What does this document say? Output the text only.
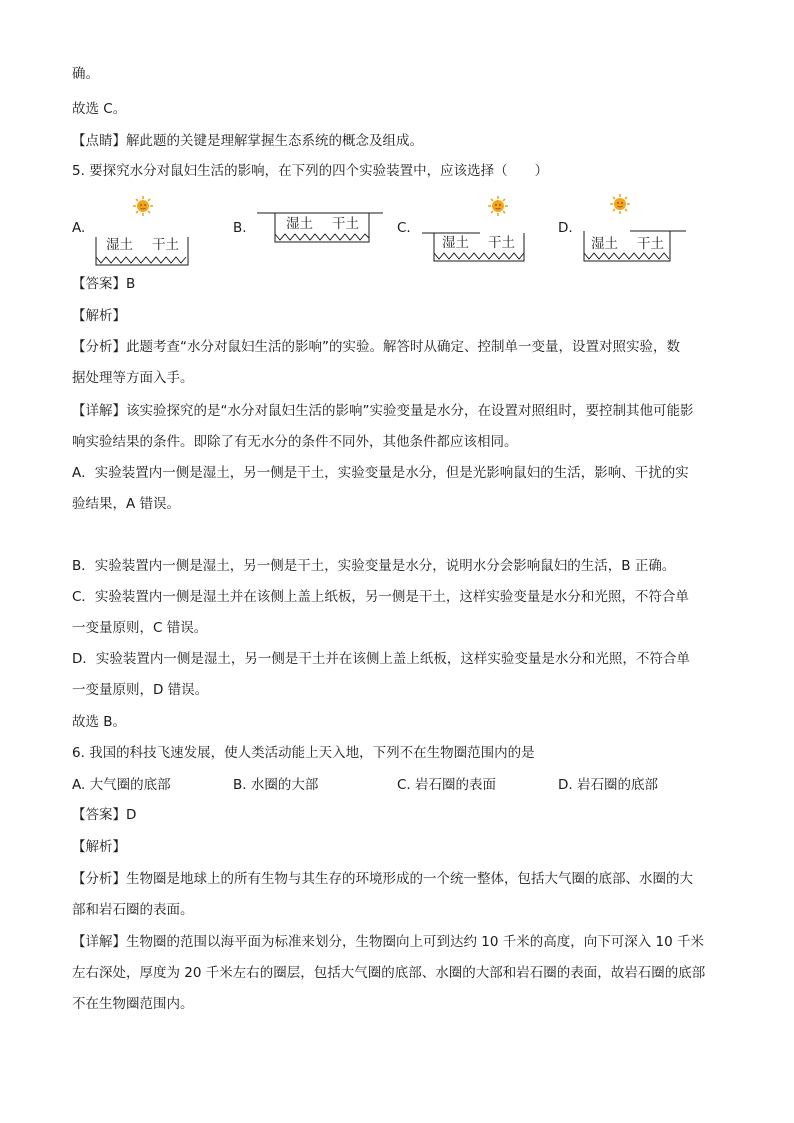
确。
故选 C。
【点睛】解此题的关键是理解掌握生态系统的概念及组成。
5. 要探究水分对鼠妇生活的影响，在下列的四个实验装置中，应该选择（　　）
A.	B.	C.	D.
湿土 干土
湿土 干土
湿土 干土	湿土 干土
【答案】B
【解析】
【分析】此题考查“水分对鼠妇生活的影响”的实验。解答时从确定、控制单一变量，设置对照实验，数
据处理等方面入手。
【详解】该实验探究的是“水分对鼠妇生活的影响”实验变量是水分，在设置对照组时，要控制其他可能影
响实验结果的条件。即除了有无水分的条件不同外，其他条件都应该相同。
A．实验装置内一侧是湿土，另一侧是干土，实验变量是水分，但是光影响鼠妇的生活，影响、干扰的实
验结果，A 错误。
B．实验装置内一侧是湿土，另一侧是干土，实验变量是水分，说明水分会影响鼠妇的生活，B 正确。
C．实验装置内一侧是湿土并在该侧上盖上纸板，另一侧是干土，这样实验变量是水分和光照，不符合单
一变量原则，C 错误。
D．实验装置内一侧是湿土，另一侧是干土并在该侧上盖上纸板，这样实验变量是水分和光照，不符合单
一变量原则，D 错误。
故选 B。
6. 我国的科技飞速发展，使人类活动能上天入地，下列不在生物圈范围内的是
A. 大气圈的底部	B. 水圈的大部	C. 岩石圈的表面	D. 岩石圈的底部
【答案】D
【解析】
【分析】生物圈是地球上的所有生物与其生存的环境形成的一个统一整体，包括大气圈的底部、水圈的大
部和岩石圈的表面。
【详解】生物圈的范围以海平面为标准来划分，生物圈向上可到达约 10 千米的高度，向下可深入 10 千米
左右深处，厚度为 20 千米左右的圈层，包括大气圈的底部、水圈的大部和岩石圈的表面，故岩石圈的底部
不在生物圈范围内。
